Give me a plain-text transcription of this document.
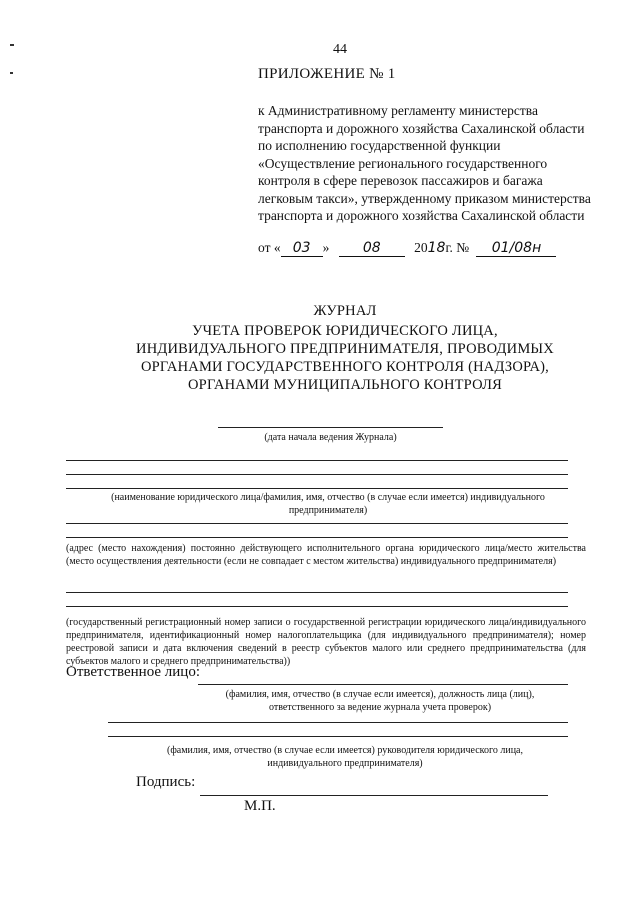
44
ПРИЛОЖЕНИЕ № 1
к Административному регламенту министерства транспорта и дорожного хозяйства Сахалинской области по исполнению государственной функции «Осуществление регионального государственного контроля в сфере перевозок пассажиров и багажа легковым такси», утвержденному приказом министерства транспорта и дорожного хозяйства Сахалинской области
от « 03 » 08 2018г. № 01/08н
ЖУРНАЛ
УЧЕТА ПРОВЕРОК ЮРИДИЧЕСКОГО ЛИЦА,
ИНДИВИДУАЛЬНОГО ПРЕДПРИНИМАТЕЛЯ, ПРОВОДИМЫХ
ОРГАНАМИ ГОСУДАРСТВЕННОГО КОНТРОЛЯ (НАДЗОРА),
ОРГАНАМИ МУНИЦИПАЛЬНОГО КОНТРОЛЯ
(дата начала ведения Журнала)
(наименование юридического лица/фамилия, имя, отчество (в случае если имеется) индивидуального предпринимателя)
(адрес (место нахождения) постоянно действующего исполнительного органа юридического лица/место жительства (место осуществления деятельности (если не совпадает с местом жительства) индивидуального предпринимателя)
(государственный регистрационный номер записи о государственной регистрации юридического лица/индивидуального предпринимателя, идентификационный номер налогоплательщика (для индивидуального предпринимателя); номер реестровой записи и дата включения сведений в реестр субъектов малого или среднего предпринимательства (для субъектов малого и среднего предпринимательства))
Ответственное лицо:
(фамилия, имя, отчество (в случае если имеется), должность лица (лиц), ответственного за ведение журнала учета проверок)
(фамилия, имя, отчество (в случае если имеется) руководителя юридического лица, индивидуального предпринимателя)
Подпись:
М.П.
